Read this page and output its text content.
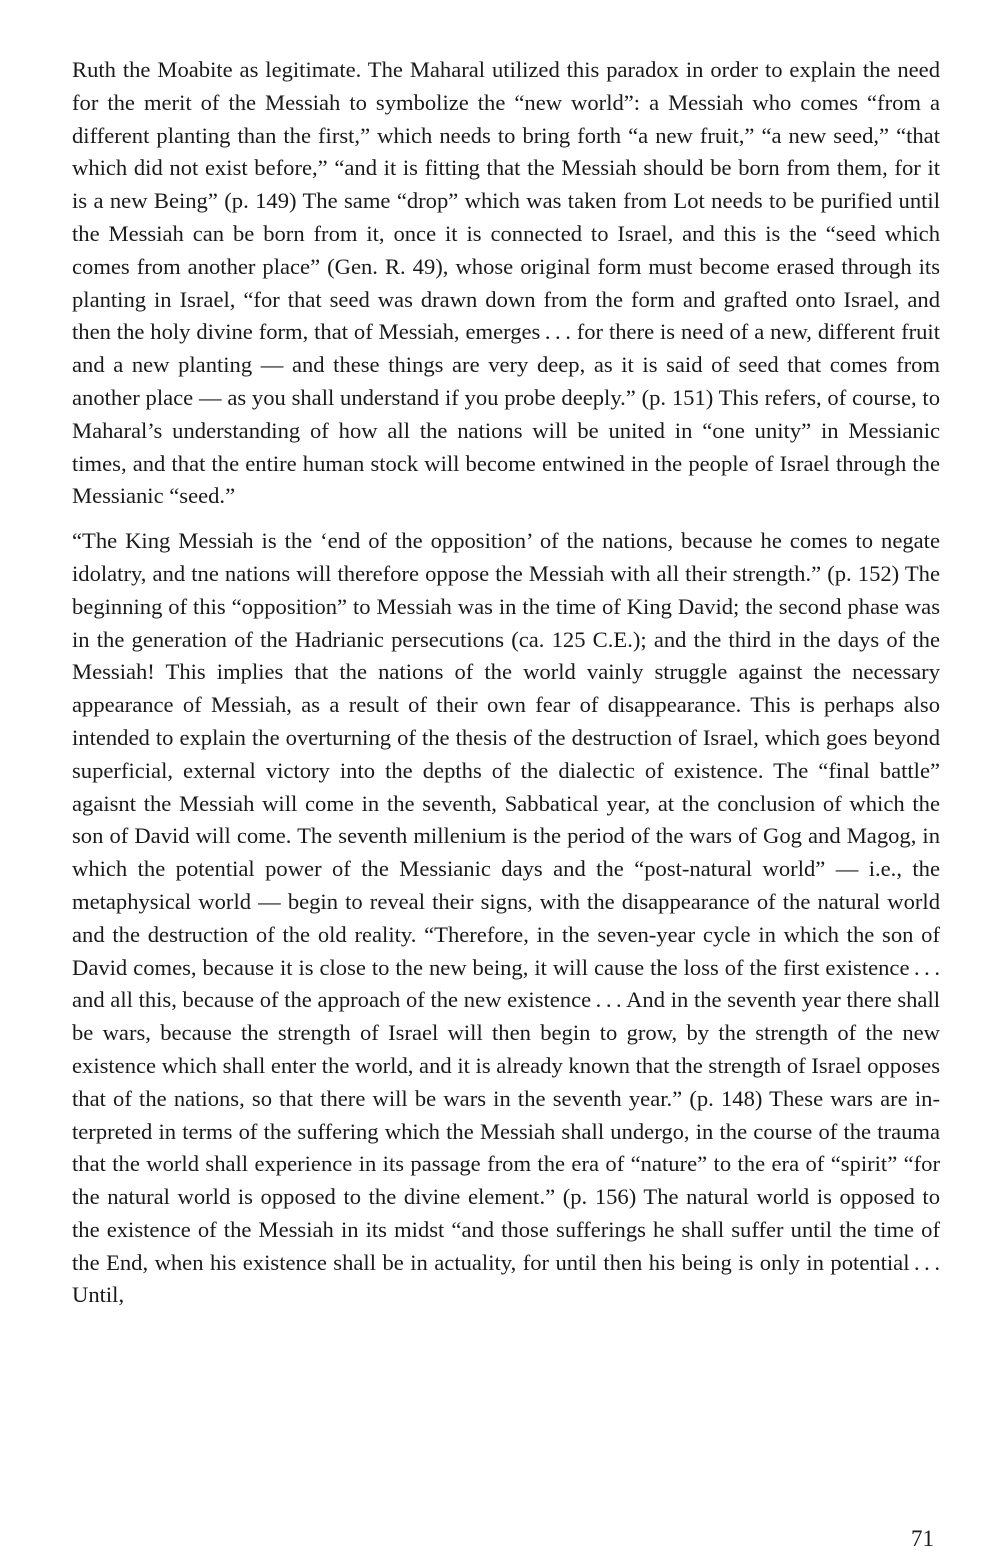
Ruth the Moabite as legitimate. The Maharal utilized this paradox in order to explain the need for the merit of the Messiah to symbolize the “new world”: a Messiah who comes “from a different planting than the first,” which needs to bring forth “a new fruit,” “a new seed,” “that which did not exist before,” “and it is fitting that the Messiah should be born from them, for it is a new Being” (p. 149) The same “drop” which was taken from Lot needs to be purified until the Messiah can be born from it, once it is connected to Israel, and this is the “seed which comes from another place” (Gen. R. 49), whose original form must become erased through its planting in Israel, “for that seed was drawn down from the form and grafted onto Israel, and then the holy divine form, that of Messiah, emerges . . . for there is need of a new, different fruit and a new planting — and these things are very deep, as it is said of seed that comes from another place — as you shall understand if you probe deeply.” (p. 151) This refers, of course, to Maharal’s understanding of how all the nations will be united in “one unity” in Messianic times, and that the entire human stock will become entwined in the people of Israel through the Messianic “seed.”

“The King Messiah is the ‘end of the opposition’ of the nations, because he comes to negate idolatry, and tne nations will therefore oppose the Messiah with all their strength.” (p. 152) The beginning of this “opposition” to Messiah was in the time of King David; the second phase was in the generation of the Hadrianic persecutions (ca. 125 C.E.); and the third in the days of the Messiah! This implies that the nations of the world vainly struggle against the necessary appearance of Messiah, as a result of their own fear of disappearance. This is perhaps also intended to explain the overturning of the thesis of the destruction of Israel, which goes beyond superficial, external victory into the depths of the dialectic of existence. The “final battle” agaisnt the Messiah will come in the seventh, Sabbatical year, at the conclusion of which the son of David will come. The seventh millenium is the period of the wars of Gog and Magog, in which the potential power of the Messianic days and the “post-natural world” — i.e., the metaphysical world — begin to reveal their signs, with the disappearance of the natural world and the destruction of the old reality. “Therefore, in the seven-year cycle in which the son of David comes, because it is close to the new being, it will cause the loss of the first existence . . . and all this, because of the approach of the new existence . . . And in the seventh year there shall be wars, because the strength of Israel will then begin to grow, by the strength of the new existence which shall enter the world, and it is already known that the strength of Israel opposes that of the nations, so that there will be wars in the seventh year.” (p. 148) These wars are interpreted in terms of the suffering which the Messiah shall undergo, in the course of the trauma that the world shall experience in its passage from the era of “nature” to the era of “spirit” “for the natural world is opposed to the divine element.” (p. 156) The natural world is opposed to the existence of the Messiah in its midst “and those sufferings he shall suffer until the time of the End, when his existence shall be in actuality, for until then his being is only in potential . . . Until,

71
